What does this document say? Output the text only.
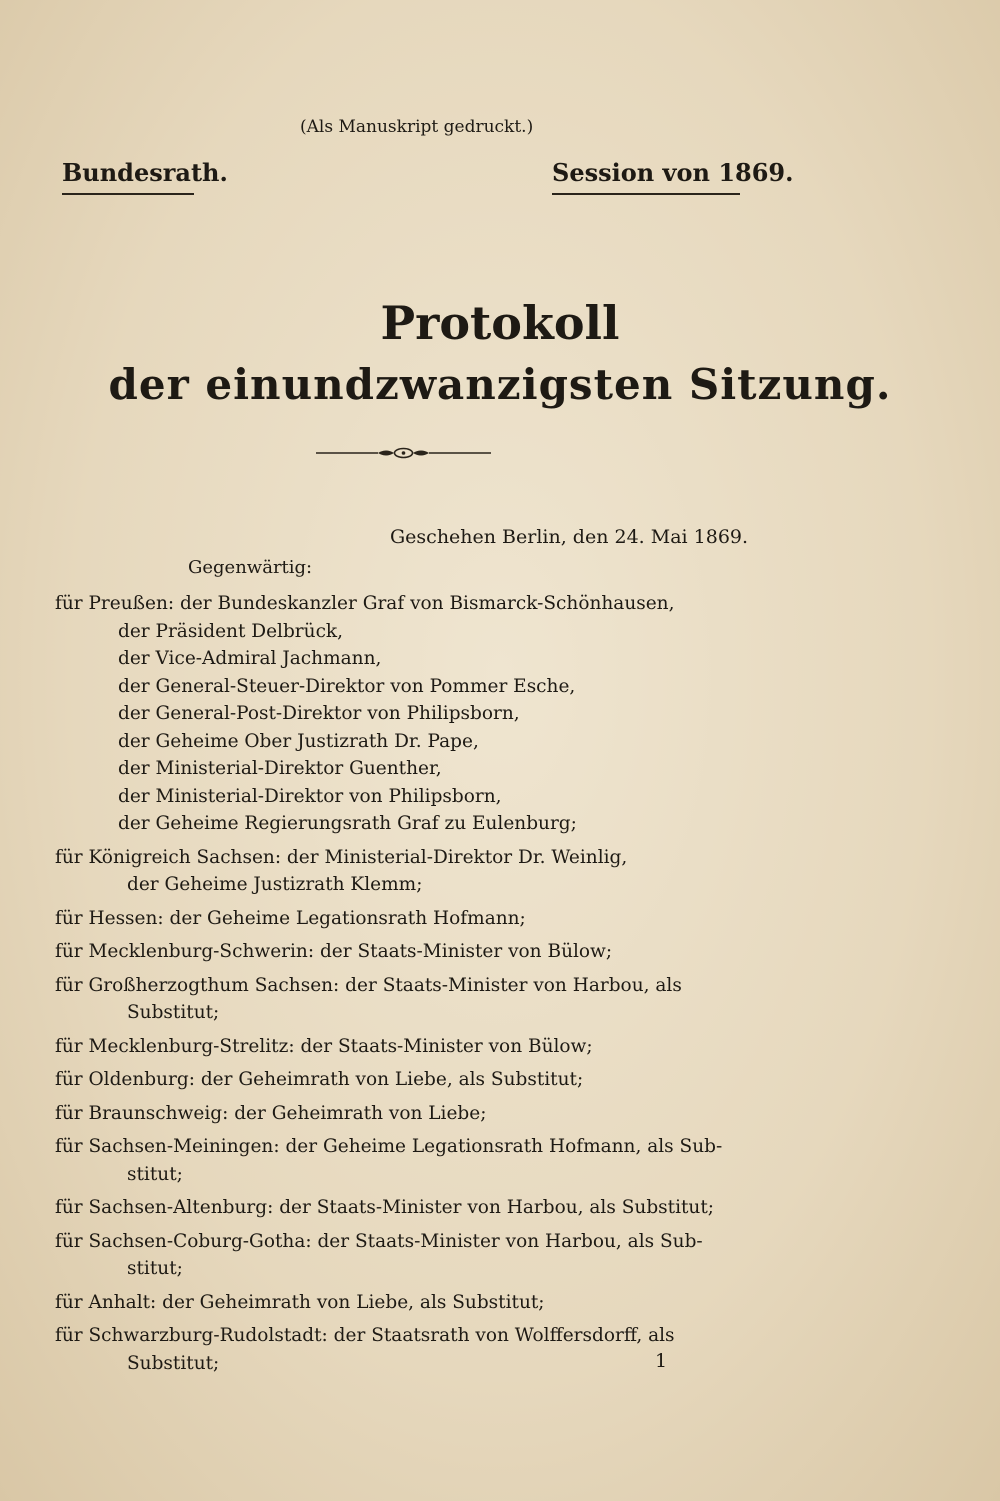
(Als Manuskript gedruckt.)
Bundesrath.	Session von 1869.
Protokoll
der einundzwanzigsten Sitzung.
Geschehen Berlin, den 24. Mai 1869.
Gegenwärtig:
für Preußen: der Bundeskanzler Graf von Bismarck-Schönhausen,
der Präsident Delbrück,
der Vice-Admiral Jachmann,
der General-Steuer-Direktor von Pommer Esche,
der General-Post-Direktor von Philipsborn,
der Geheime Ober Justizrath Dr. Pape,
der Ministerial-Direktor Guenther,
der Ministerial-Direktor von Philipsborn,
der Geheime Regierungsrath Graf zu Eulenburg;
für Königreich Sachsen: der Ministerial-Direktor Dr. Weinlig,
der Geheime Justizrath Klemm;
für Hessen: der Geheime Legationsrath Hofmann;
für Mecklenburg-Schwerin: der Staats-Minister von Bülow;
für Großherzogthum Sachsen: der Staats-Minister von Harbou, als
Substitut;
für Mecklenburg-Strelitz: der Staats-Minister von Bülow;
für Oldenburg: der Geheimrath von Liebe, als Substitut;
für Braunschweig: der Geheimrath von Liebe;
für Sachsen-Meiningen: der Geheime Legationsrath Hofmann, als Sub-
stitut;
für Sachsen-Altenburg: der Staats-Minister von Harbou, als Substitut;
für Sachsen-Coburg-Gotha: der Staats-Minister von Harbou, als Sub-
stitut;
für Anhalt: der Geheimrath von Liebe, als Substitut;
für Schwarzburg-Rudolstadt: der Staatsrath von Wolffersdorff, als
Substitut;	1
